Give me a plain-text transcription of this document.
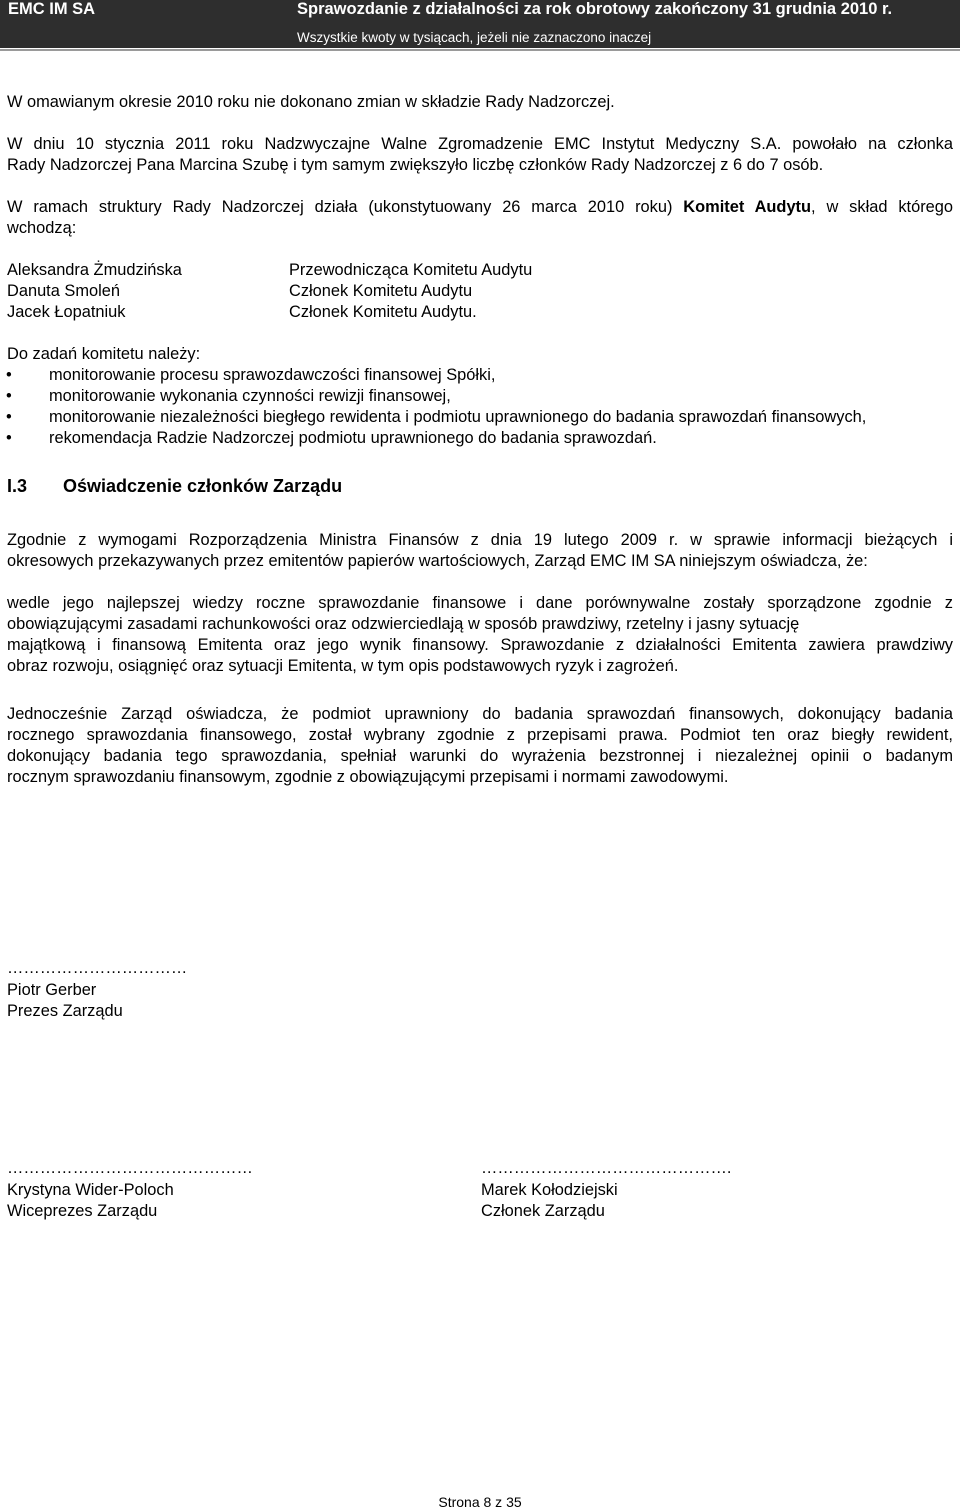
EMC IM SA	Sprawozdanie z działalności za rok obrotowy zakończony 31 grudnia 2010 r.
Wszystkie kwoty w tysiącach, jeżeli nie zaznaczono inaczej
W omawianym okresie 2010 roku nie dokonano zmian w składzie Rady Nadzorczej.
W dniu 10 stycznia 2011 roku Nadzwyczajne Walne Zgromadzenie EMC Instytut Medyczny S.A. powołało na członka
Rady Nadzorczej Pana Marcina Szubę i tym samym zwiększyło liczbę członków Rady Nadzorczej z 6 do 7 osób.
W ramach struktury Rady Nadzorczej działa (ukonstytuowany 26 marca 2010 roku) Komitet Audytu, w skład którego
wchodzą:
Aleksandra Żmudzińska	Przewodnicząca Komitetu Audytu
Danuta Smoleń	Członek Komitetu Audytu
Jacek Łopatniuk	Członek Komitetu Audytu.
Do zadań komitetu należy:
• monitorowanie procesu sprawozdawczości finansowej Spółki,
• monitorowanie wykonania czynności rewizji finansowej,
• monitorowanie niezależności biegłego rewidenta i podmiotu uprawnionego do badania sprawozdań finansowych,
• rekomendacja Radzie Nadzorczej podmiotu uprawnionego do badania sprawozdań.
I.3 Oświadczenie członków Zarządu
Zgodnie z wymogami Rozporządzenia Ministra Finansów z dnia 19 lutego 2009 r. w sprawie informacji bieżących i
okresowych przekazywanych przez emitentów papierów wartościowych, Zarząd EMC IM SA niniejszym oświadcza, że:
wedle jego najlepszej wiedzy roczne sprawozdanie finansowe i dane porównywalne zostały sporządzone zgodnie z
obowiązującymi zasadami rachunkowości oraz odzwierciedlają w sposób prawdziwy, rzetelny i jasny sytuację
majątkową i finansową Emitenta oraz jego wynik finansowy. Sprawozdanie z działalności Emitenta zawiera prawdziwy
obraz rozwoju, osiągnięć oraz sytuacji Emitenta, w tym opis podstawowych ryzyk i zagrożeń.
Jednocześnie Zarząd oświadcza, że podmiot uprawniony do badania sprawozdań finansowych, dokonujący badania
rocznego sprawozdania finansowego, został wybrany zgodnie z przepisami prawa. Podmiot ten oraz biegły rewident,
dokonujący badania tego sprawozdania, spełniał warunki do wyrażenia bezstronnej i niezależnej opinii o badanym
rocznym sprawozdaniu finansowym, zgodnie z obowiązującymi przepisami i normami zawodowymi.
……………………………
Piotr Gerber
Prezes Zarządu
………………………………………
Krystyna Wider-Poloch
Wiceprezes Zarządu
……………………………………….
Marek Kołodziejski
Członek Zarządu
Strona 8 z 35
